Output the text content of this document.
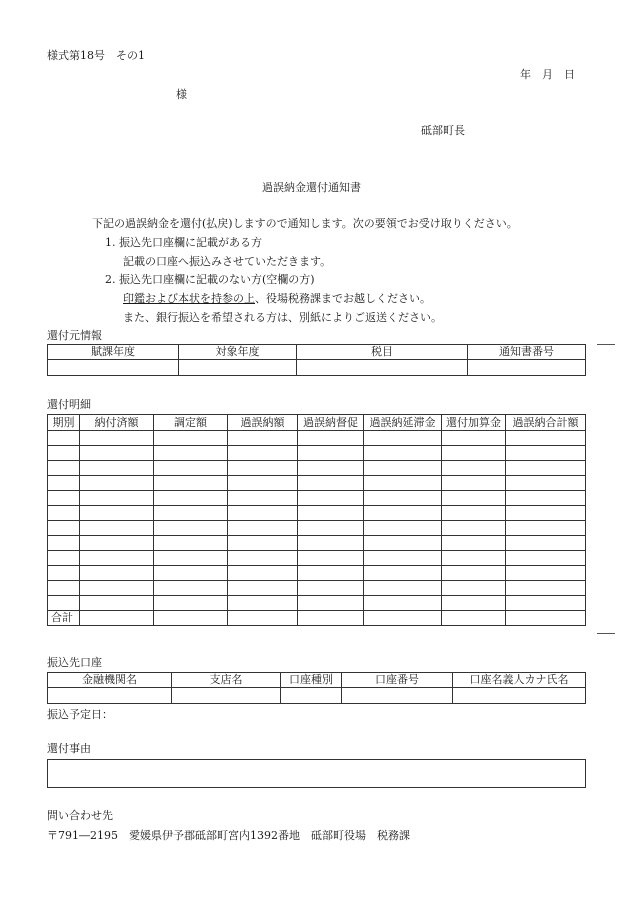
様式第18号　その1
年　月　日
様
砥部町長
過誤納金還付通知書
下記の過誤納金を還付(払戻)しますので通知します。次の要領でお受け取りください。
1. 振込先口座欄に記載がある方
記載の口座へ振込みさせていただきます。
2. 振込先口座欄に記載のない方(空欄の方)
印鑑および本状を持参の上、役場税務課までお越しください。
また、銀行振込を希望される方は、別紙によりご返送ください。
還付元情報
賦課年度	対象年度	税目	通知書番号

還付明細
期別	納付済額	調定額	過誤納額	過誤納督促	過誤納延滞金	還付加算金	過誤納合計額

合計							
振込先口座
金融機関名	支店名	口座種別	口座番号	口座名義人カナ氏名

振込予定日：
還付事由
問い合わせ先
〒791―2195　愛媛県伊予郡砥部町宮内1392番地　砥部町役場　税務課
